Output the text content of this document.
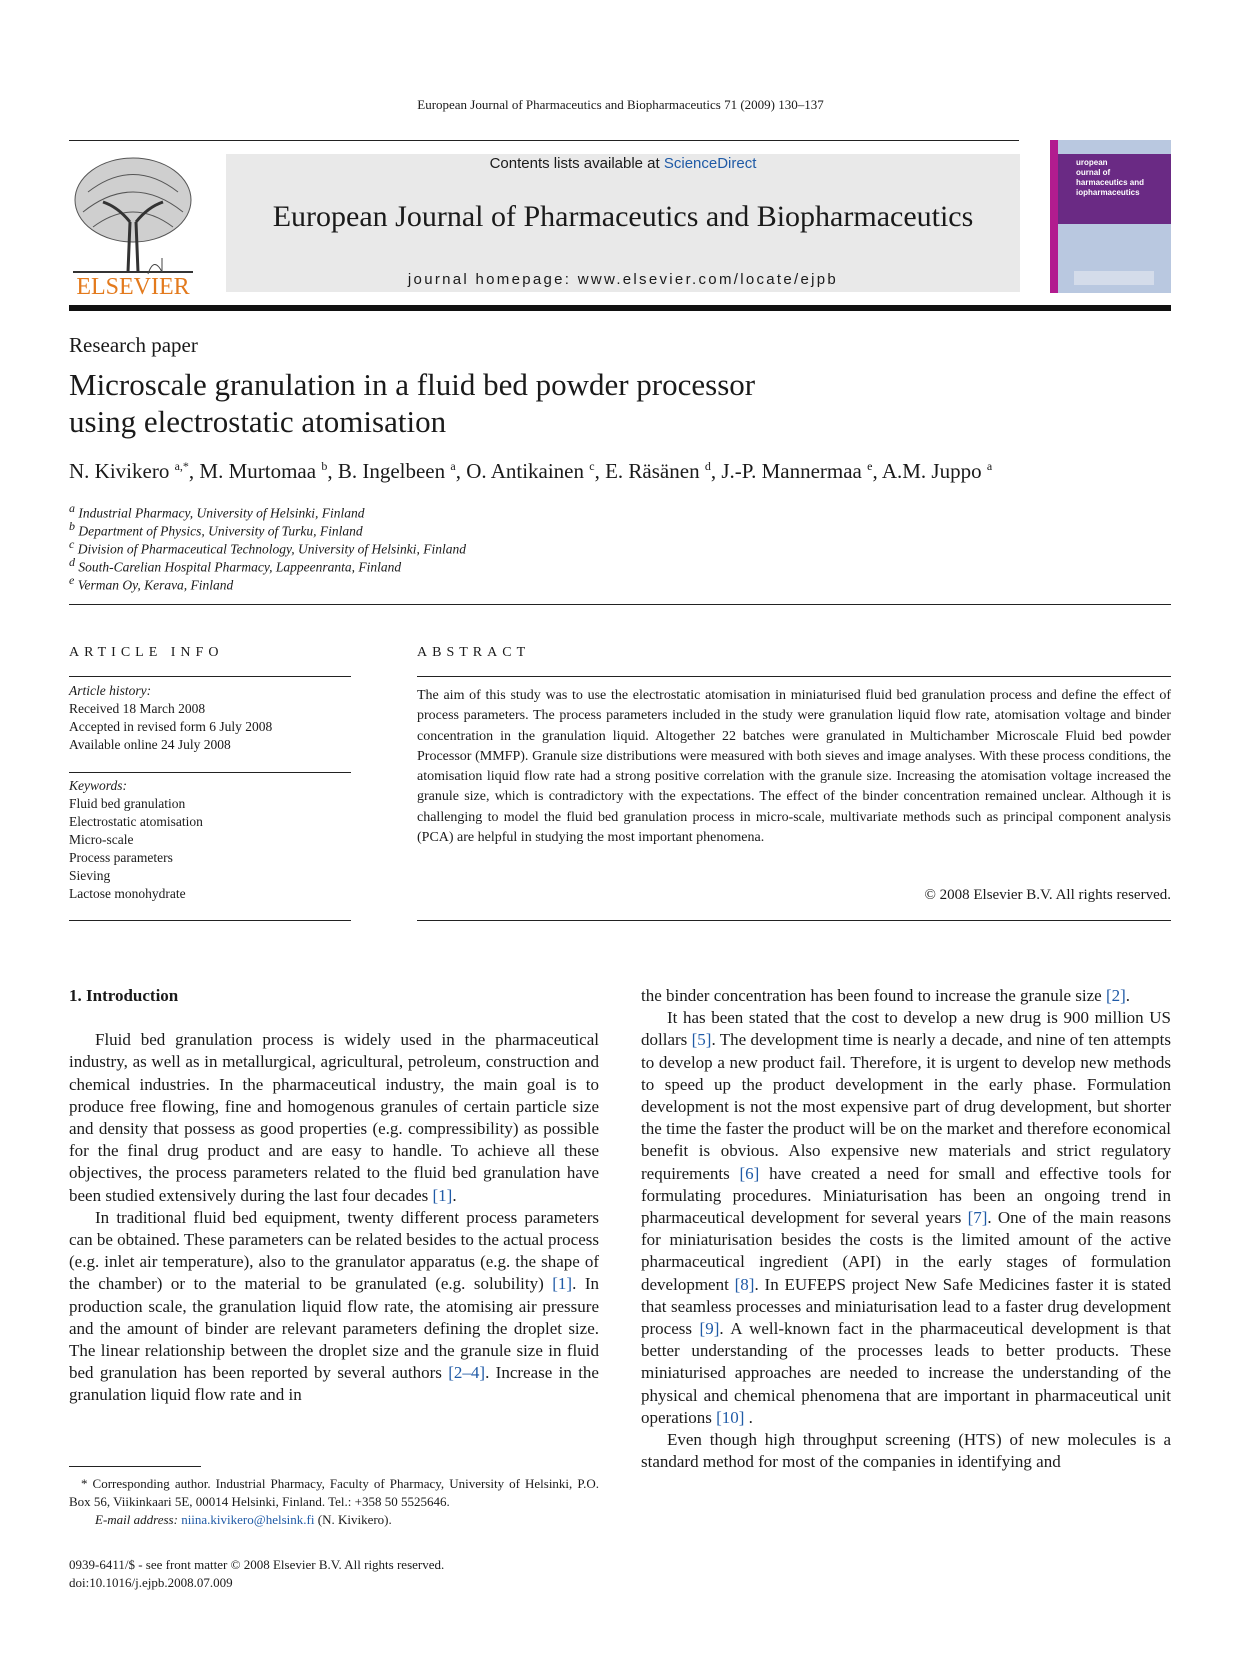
European Journal of Pharmaceutics and Biopharmaceutics 71 (2009) 130–137
ELSEVIER
Contents lists available at ScienceDirect
European Journal of Pharmaceutics and Biopharmaceutics
journal homepage: www.elsevier.com/locate/ejpb
uropean
ournal of
harmaceutics and
iopharmaceutics
Research paper
Microscale granulation in a fluid bed powder processor
using electrostatic atomisation
N. Kivikero $^{a,*}$, M. Murtomaa $^b$, B. Ingelbeen $^a$, O. Antikainen $^c$, E. Räsänen $^d$, J.-P. Mannermaa $^e$, A.M. Juppo $^a$
$^a$ Industrial Pharmacy, University of Helsinki, Finland
$^b$ Department of Physics, University of Turku, Finland
$^c$ Division of Pharmaceutical Technology, University of Helsinki, Finland
$^d$ South-Carelian Hospital Pharmacy, Lappeenranta, Finland
$^e$ Verman Oy, Kerava, Finland
ARTICLE INFO
Article history:
Received 18 March 2008
Accepted in revised form 6 July 2008
Available online 24 July 2008
Keywords:
Fluid bed granulation
Electrostatic atomisation
Micro-scale
Process parameters
Sieving
Lactose monohydrate
ABSTRACT
The aim of this study was to use the electrostatic atomisation in miniaturised fluid bed granulation process and define the effect of process parameters. The process parameters included in the study were granulation liquid flow rate, atomisation voltage and binder concentration in the granulation liquid. Altogether 22 batches were granulated in Multichamber Microscale Fluid bed powder Processor (MMFP). Granule size distributions were measured with both sieves and image analyses. With these process conditions, the atomisation liquid flow rate had a strong positive correlation with the granule size. Increasing the atomisation voltage increased the granule size, which is contradictory with the expectations. The effect of the binder concentration remained unclear. Although it is challenging to model the fluid bed granulation process in micro-scale, multivariate methods such as principal component analysis (PCA) are helpful in studying the most important phenomena.
© 2008 Elsevier B.V. All rights reserved.

1. Introduction

Fluid bed granulation process is widely used in the pharmaceutical industry, as well as in metallurgical, agricultural, petroleum, construction and chemical industries. In the pharmaceutical industry, the main goal is to produce free flowing, fine and homogenous granules of certain particle size and density that possess as good properties (e.g. compressibility) as possible for the final drug product and are easy to handle. To achieve all these objectives, the process parameters related to the fluid bed granulation have been studied extensively during the last four decades [1].

In traditional fluid bed equipment, twenty different process parameters can be obtained. These parameters can be related besides to the actual process (e.g. inlet air temperature), also to the granulator apparatus (e.g. the shape of the chamber) or to the material to be granulated (e.g. solubility) [1]. In production scale, the granulation liquid flow rate, the atomising air pressure and the amount of binder are relevant parameters defining the droplet size. The linear relationship between the droplet size and the granule size in fluid bed granulation has been reported by several authors [2–4]. Increase in the granulation liquid flow rate and in

* Corresponding author. Industrial Pharmacy, Faculty of Pharmacy, University of Helsinki, P.O. Box 56, Viikinkaari 5E, 00014 Helsinki, Finland. Tel.: +358 50 5525646.
E-mail address: niina.kivikero@helsink.fi (N. Kivikero).
0939-6411/$ - see front matter © 2008 Elsevier B.V. All rights reserved.
doi:10.1016/j.ejpb.2008.07.009

the binder concentration has been found to increase the granule size [2].

It has been stated that the cost to develop a new drug is 900 million US dollars [5]. The development time is nearly a decade, and nine of ten attempts to develop a new product fail. Therefore, it is urgent to develop new methods to speed up the product development in the early phase. Formulation development is not the most expensive part of drug development, but shorter the time the faster the product will be on the market and therefore economical benefit is obvious. Also expensive new materials and strict regulatory requirements [6] have created a need for small and effective tools for formulating procedures. Miniaturisation has been an ongoing trend in pharmaceutical development for several years [7]. One of the main reasons for miniaturisation besides the costs is the limited amount of the active pharmaceutical ingredient (API) in the early stages of formulation development [8]. In EUFEPS project New Safe Medicines faster it is stated that seamless processes and miniaturisation lead to a faster drug development process [9]. A well-known fact in the pharmaceutical development is that better understanding of the processes leads to better products. These miniaturised approaches are needed to increase the understanding of the physical and chemical phenomena that are important in pharmaceutical unit operations [10] .

Even though high throughput screening (HTS) of new molecules is a standard method for most of the companies in identifying and
